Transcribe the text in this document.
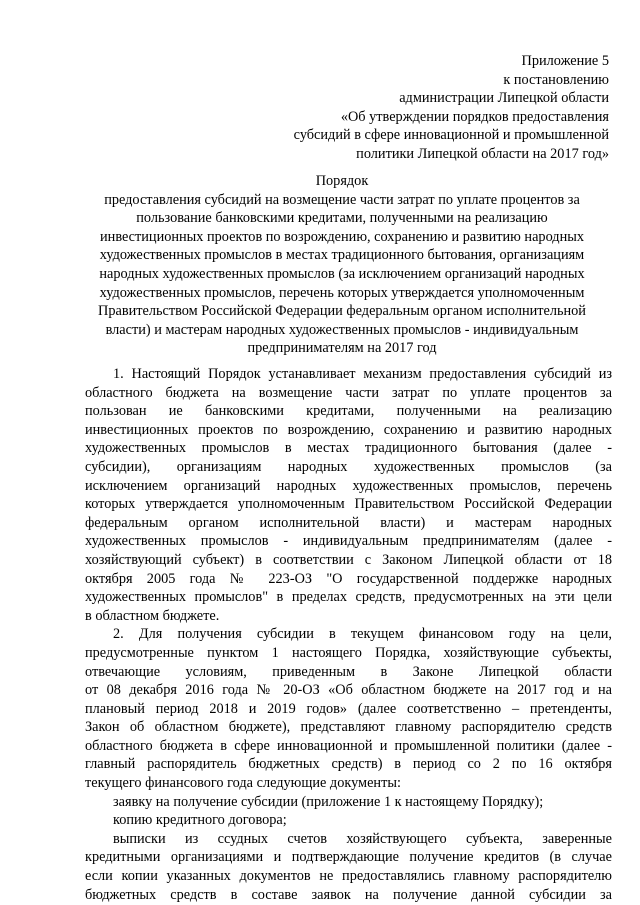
Приложение 5
к постановлению
администрации Липецкой области
«Об утверждении порядков предоставления
субсидий в сфере инновационной и промышленной
политики Липецкой области на 2017 год»
Порядок
предоставления субсидий на возмещение части затрат по уплате процентов за
пользование банковскими кредитами, полученными на реализацию
инвестиционных проектов по возрождению, сохранению и развитию народных
художественных промыслов в местах традиционного бытования, организациям
народных художественных промыслов (за исключением организаций народных
художественных промыслов, перечень которых утверждается уполномоченным
Правительством Российской Федерации федеральным органом исполнительной
власти) и мастерам народных художественных промыслов - индивидуальным
предпринимателям на 2017 год
1. Настоящий Порядок устанавливает механизм предоставления субсидий из
областного бюджета на возмещение части затрат по уплате процентов за
пользован ие банковскими кредитами, полученными на реализацию
инвестиционных проектов по возрождению, сохранению и развитию народных
художественных промыслов в местах традиционного бытования (далее -
субсидии), организациям народных художественных промыслов (за
исключением организаций народных художественных промыслов, перечень
которых утверждается уполномоченным Правительством Российской Федерации
федеральным органом исполнительной власти) и мастерам народных
художественных промыслов - индивидуальным предпринимателям (далее -
хозяйствующий субъект) в соответствии с Законом Липецкой области от 18
октября 2005 года № 223-ОЗ "О государственной поддержке народных
художественных промыслов" в пределах средств, предусмотренных на эти цели
в областном бюджете.
2. Для получения субсидии в текущем финансовом году на цели,
предусмотренные пунктом 1 настоящего Порядка, хозяйствующие субъекты,
отвечающие условиям, приведенным в Законе Липецкой области
от 08 декабря 2016 года № 20-ОЗ «Об областном бюджете на 2017 год и на
плановый период 2018 и 2019 годов» (далее соответственно – претенденты,
Закон об областном бюджете), представляют главному распорядителю средств
областного бюджета в сфере инновационной и промышленной политики (далее -
главный распорядитель бюджетных средств) в период со 2 по 16 октября
текущего финансового года следующие документы:
заявку на получение субсидии (приложение 1 к настоящему Порядку);
копию кредитного договора;
выписки из ссудных счетов хозяйствующего субъекта, заверенные
кредитными организациями и подтверждающие получение кредитов (в случае
если копии указанных документов не предоставлялись главному распорядителю
бюджетных средств в составе заявок на получение данной субсидии за
